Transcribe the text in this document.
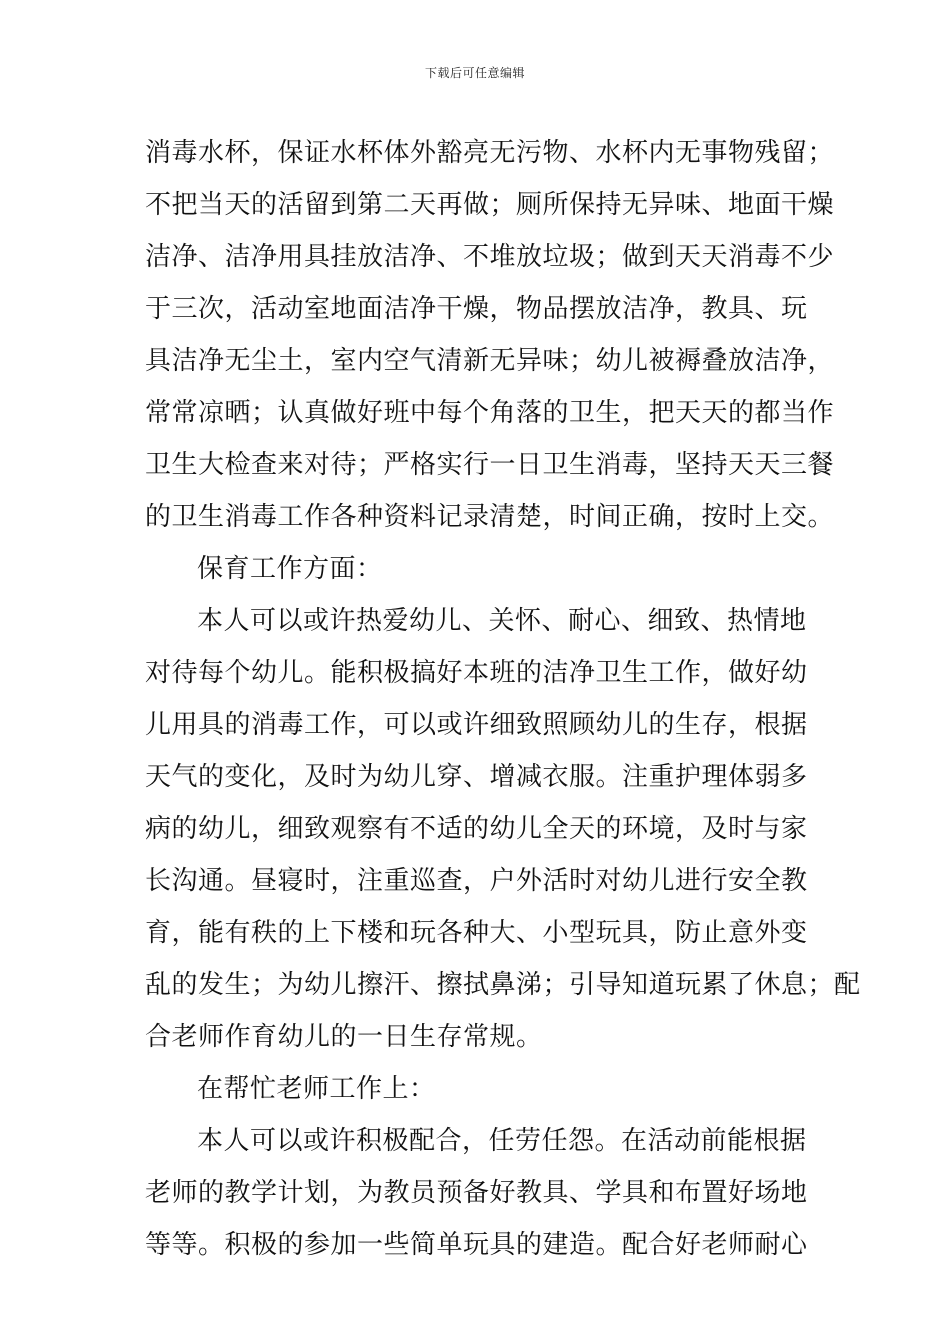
下载后可任意编辑
消毒水杯，保证水杯体外豁亮无污物、水杯内无事物残留；
不把当天的活留到第二天再做；厕所保持无异味、地面干燥
洁净、洁净用具挂放洁净、不堆放垃圾；做到天天消毒不少
于三次，活动室地面洁净干燥，物品摆放洁净，教具、玩
具洁净无尘土，室内空气清新无异味；幼儿被褥叠放洁净，
常常凉晒；认真做好班中每个角落的卫生，把天天的都当作
卫生大检查来对待；严格实行一日卫生消毒，坚持天天三餐
的卫生消毒工作各种资料记录清楚，时间正确，按时上交。
保育工作方面：
本人可以或许热爱幼儿、关怀、耐心、细致、热情地
对待每个幼儿。能积极搞好本班的洁净卫生工作，做好幼
儿用具的消毒工作，可以或许细致照顾幼儿的生存，根据
天气的变化，及时为幼儿穿、增减衣服。注重护理体弱多
病的幼儿，细致观察有不适的幼儿全天的环境，及时与家
长沟通。昼寝时，注重巡查，户外活时对幼儿进行安全教
育，能有秩的上下楼和玩各种大、小型玩具，防止意外变
乱的发生；为幼儿擦汗、擦拭鼻涕；引导知道玩累了休息；配
合老师作育幼儿的一日生存常规。
在帮忙老师工作上：
本人可以或许积极配合，任劳任怨。在活动前能根据
老师的教学计划，为教员预备好教具、学具和布置好场地
等等。积极的参加一些简单玩具的建造。配合好老师耐心
